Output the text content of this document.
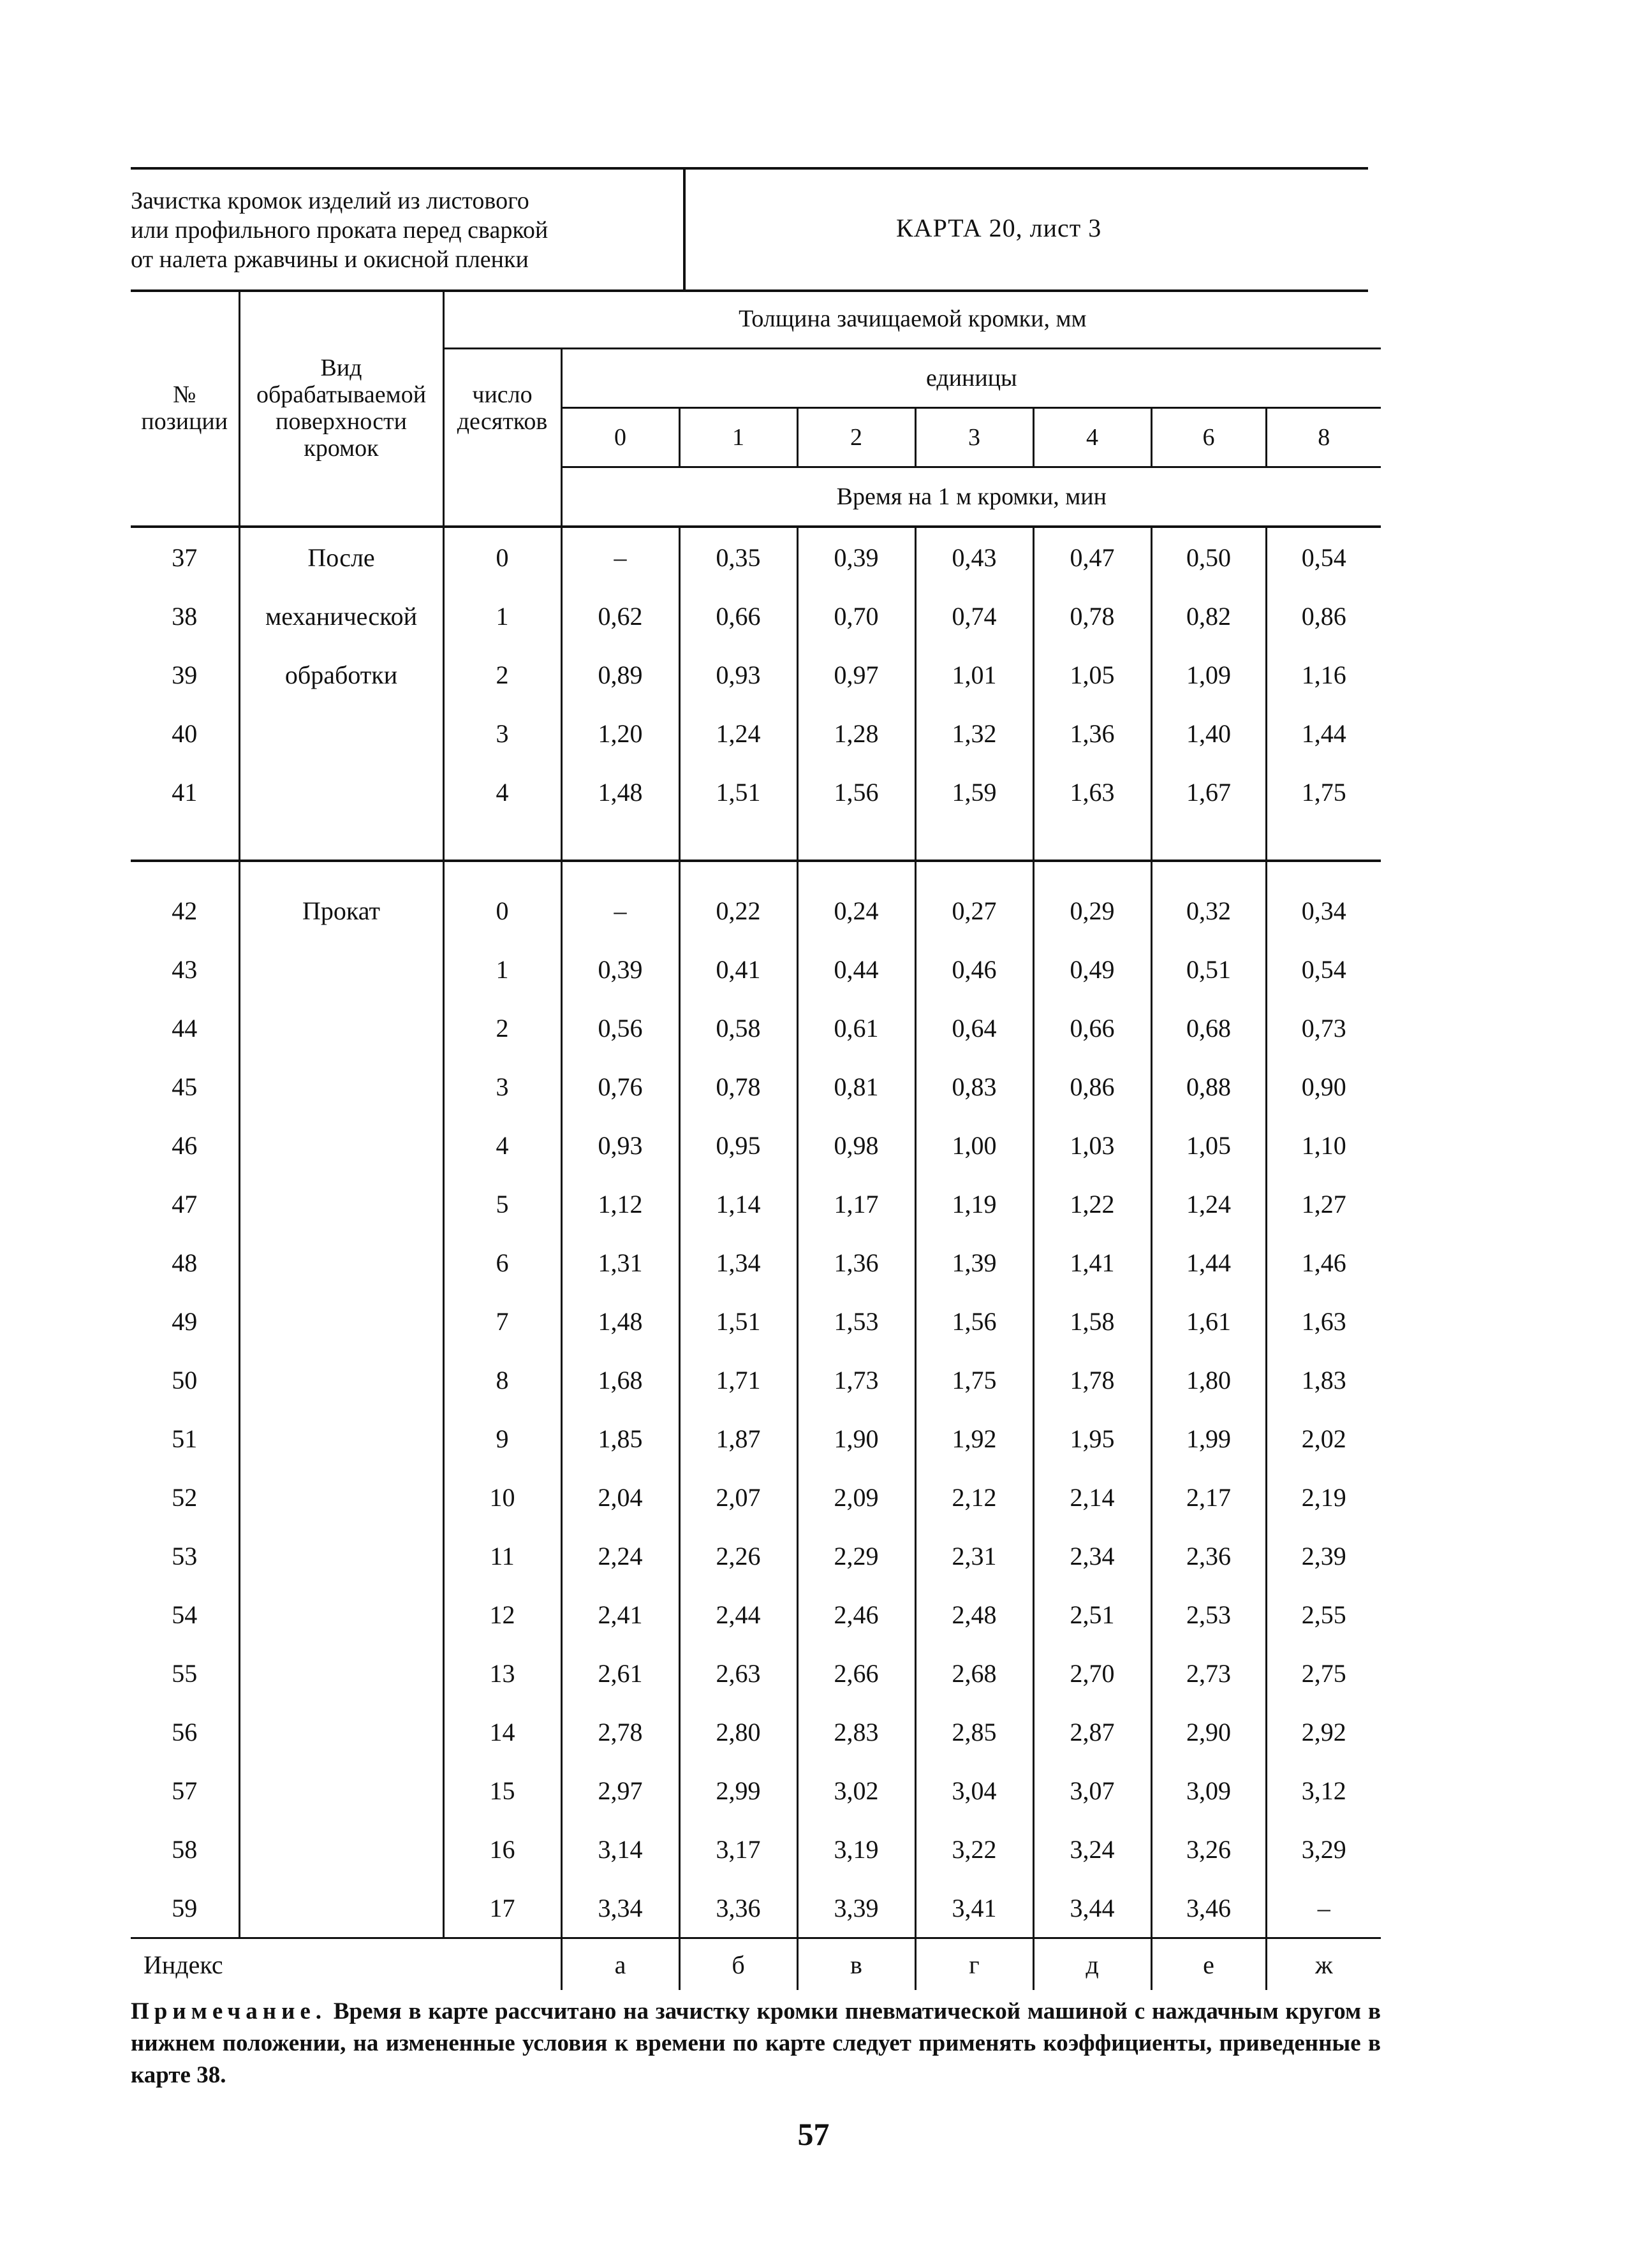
Зачистка кромок изделий из листового
или профильного проката перед сваркой
от налета ржавчины и окисной пленки
КАРТА 20, лист 3
№ позиции	Вид обрабатываемой поверхности кромок	Толщина зачищаемой кромки, мм							
		число десятков	единицы						
			0	1	2	3	4	6	8
			Время на 1 м кромки, мин						
37	После	0	–	0,35	0,39	0,43	0,47	0,50	0,54
38	механической	1	0,62	0,66	0,70	0,74	0,78	0,82	0,86
39	обработки	2	0,89	0,93	0,97	1,01	1,05	1,09	1,16
40		3	1,20	1,24	1,28	1,32	1,36	1,40	1,44
41		4	1,48	1,51	1,56	1,59	1,63	1,67	1,75

42	Прокат	0	–	0,22	0,24	0,27	0,29	0,32	0,34
43		1	0,39	0,41	0,44	0,46	0,49	0,51	0,54
44		2	0,56	0,58	0,61	0,64	0,66	0,68	0,73
45		3	0,76	0,78	0,81	0,83	0,86	0,88	0,90
46		4	0,93	0,95	0,98	1,00	1,03	1,05	1,10
47		5	1,12	1,14	1,17	1,19	1,22	1,24	1,27
48		6	1,31	1,34	1,36	1,39	1,41	1,44	1,46
49		7	1,48	1,51	1,53	1,56	1,58	1,61	1,63
50		8	1,68	1,71	1,73	1,75	1,78	1,80	1,83
51		9	1,85	1,87	1,90	1,92	1,95	1,99	2,02
52		10	2,04	2,07	2,09	2,12	2,14	2,17	2,19
53		11	2,24	2,26	2,29	2,31	2,34	2,36	2,39
54		12	2,41	2,44	2,46	2,48	2,51	2,53	2,55
55		13	2,61	2,63	2,66	2,68	2,70	2,73	2,75
56		14	2,78	2,80	2,83	2,85	2,87	2,90	2,92
57		15	2,97	2,99	3,02	3,04	3,07	3,09	3,12
58		16	3,14	3,17	3,19	3,22	3,24	3,26	3,29
59		17	3,34	3,36	3,39	3,41	3,44	3,46	–
Индекс			а	б	в	г	д	е	ж
Примечание. Время в карте рассчитано на зачистку кромки пневматической машиной с наждачным кругом в нижнем положении, на измененные условия к времени по карте следует применять коэффициенты, приведенные в карте 38.
57
